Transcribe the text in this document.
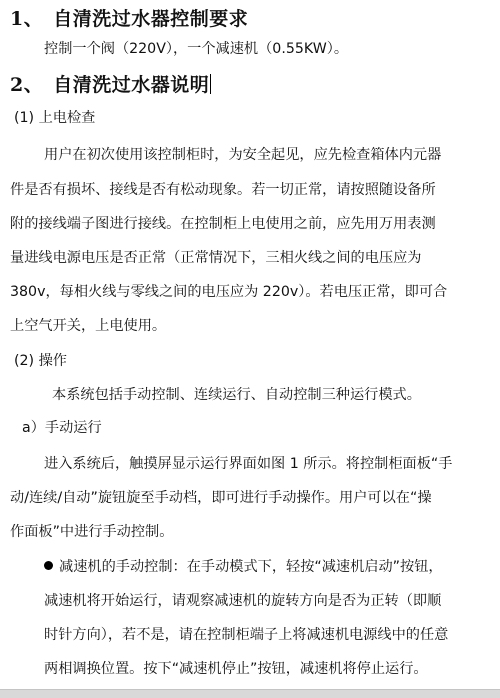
1、 自清洗过水器控制要求
控制一个阀（220V），一个减速机（0.55KW）。
2、 自清洗过水器说明
(1) 上电检查
用户在初次使用该控制柜时，为安全起见，应先检查箱体内元器
件是否有损坏、接线是否有松动现象。若一切正常，请按照随设备所
附的接线端子图进行接线。在控制柜上电使用之前，应先用万用表测
量进线电源电压是否正常（正常情况下，三相火线之间的电压应为
380v，每相火线与零线之间的电压应为 220v）。若电压正常，即可合
上空气开关，上电使用。
(2) 操作
本系统包括手动控制、连续运行、自动控制三种运行模式。
a）手动运行
进入系统后，触摸屏显示运行界面如图 1 所示。将控制柜面板“手
动/连续/自动”旋钮旋至手动档，即可进行手动操作。用户可以在“操
作面板”中进行手动控制。
减速机的手动控制：在手动模式下，轻按“减速机启动”按钮，
减速机将开始运行，请观察减速机的旋转方向是否为正转（即顺
时针方向），若不是，请在控制柜端子上将减速机电源线中的任意
两相调换位置。按下“减速机停止”按钮，减速机将停止运行。
